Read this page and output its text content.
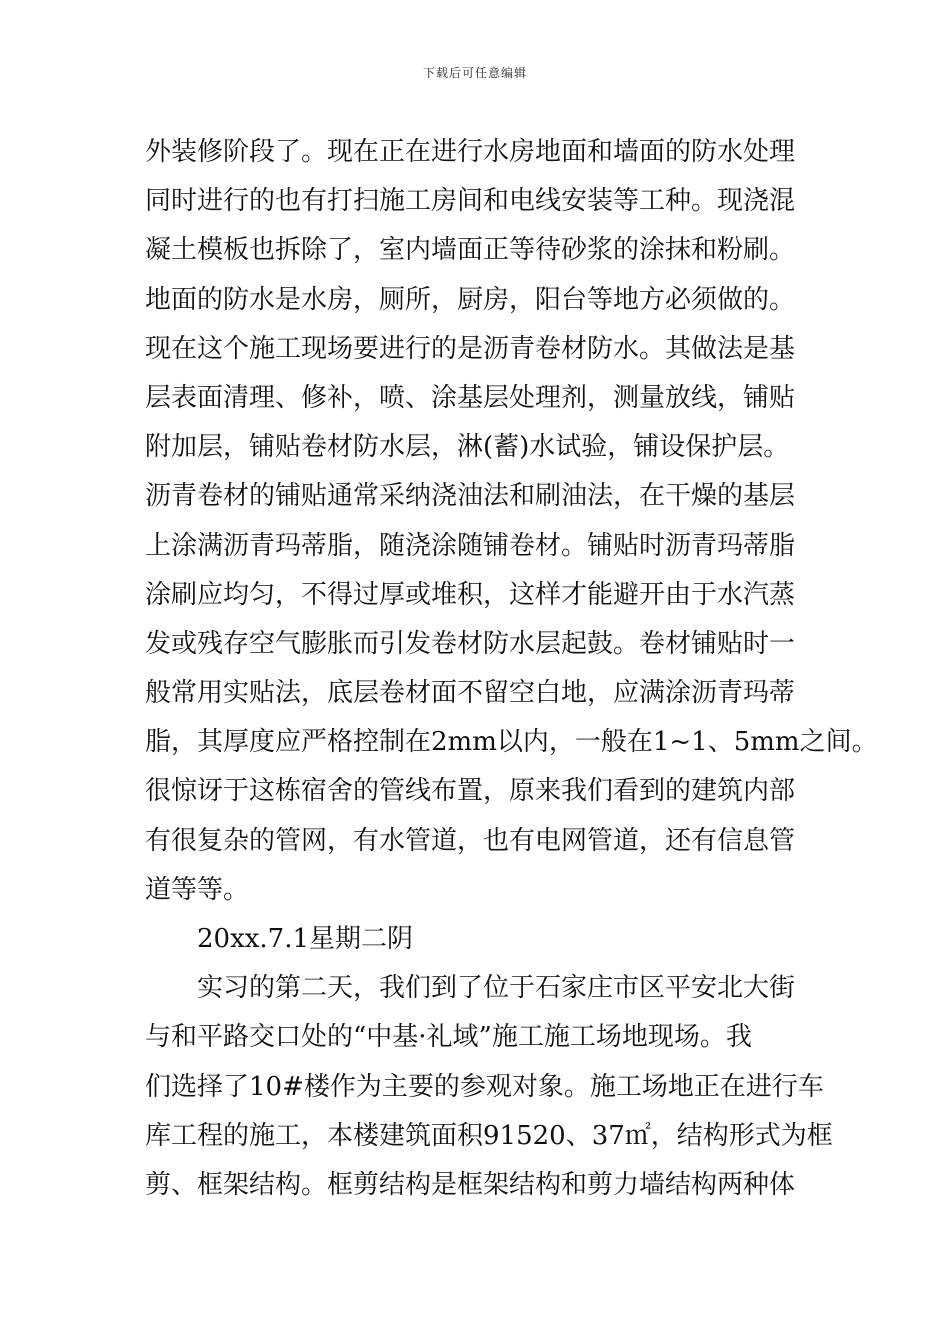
下载后可任意编辑
外装修阶段了。现在正在进行水房地面和墙面的防水处理
同时进行的也有打扫施工房间和电线安装等工种。现浇混
凝土模板也拆除了，室内墙面正等待砂浆的涂抹和粉刷。
地面的防水是水房，厕所，厨房，阳台等地方必须做的。
现在这个施工现场要进行的是沥青卷材防水。其做法是基
层表面清理、修补，喷、涂基层处理剂，测量放线，铺贴
附加层，铺贴卷材防水层，淋(蓄)水试验，铺设保护层。
沥青卷材的铺贴通常采纳浇油法和刷油法，在干燥的基层
上涂满沥青玛蒂脂，随浇涂随铺卷材。铺贴时沥青玛蒂脂
涂刷应均匀，不得过厚或堆积，这样才能避开由于水汽蒸
发或残存空气膨胀而引发卷材防水层起鼓。卷材铺贴时一
般常用实贴法，底层卷材面不留空白地，应满涂沥青玛蒂
脂，其厚度应严格控制在2mm以内，一般在1~1、5mm之间。
很惊讶于这栋宿舍的管线布置，原来我们看到的建筑内部
有很复杂的管网，有水管道，也有电网管道，还有信息管
道等等。
20xx.7.1星期二阴
实习的第二天，我们到了位于石家庄市区平安北大街
与和平路交口处的“中基·礼域”施工施工场地现场。我
们选择了10#楼作为主要的参观对象。施工场地正在进行车
库工程的施工，本楼建筑面积91520、37㎡，结构形式为框
剪、框架结构。框剪结构是框架结构和剪力墙结构两种体
